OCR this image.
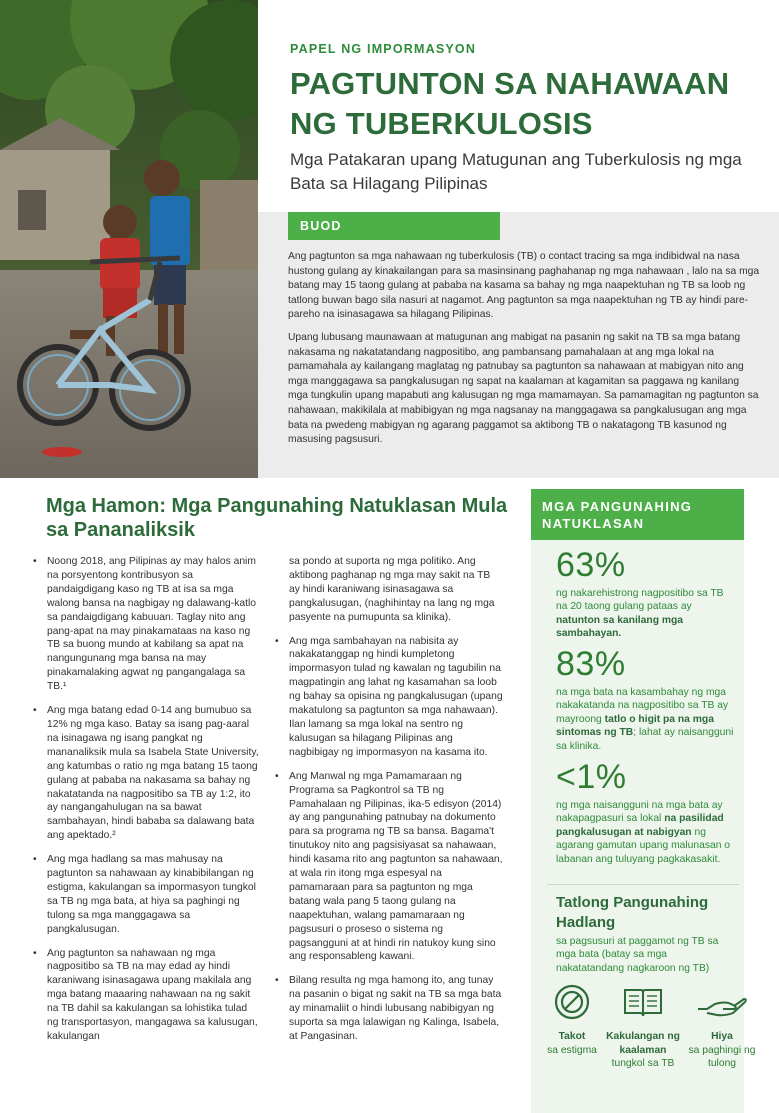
PAPEL NG IMPORMASYON
PAGTUNTON SA NAHAWAAN NG TUBERKULOSIS
Mga Patakaran upang Matugunan ang Tuberkulosis ng mga Bata sa Hilagang Pilipinas
BUOD

Ang pagtunton sa mga nahawaan ng tuberkulosis (TB) o contact tracing sa mga indibidwal na nasa hustong gulang ay kinakailangan para sa masinsinang paghahanap ng mga nahawaan , lalo na sa mga batang may 15 taong gulang at pababa na kasama sa bahay ng mga naapektuhan ng TB sa loob ng tatlong buwan bago sila nasuri at nagamot. Ang pagtunton sa mga naapektuhan ng TB ay hindi pare-pareho na isinasagawa sa hilagang Pilipinas.

Upang lubusang maunawaan at matugunan ang mabigat na pasanin ng sakit na TB sa mga batang nakasama ng nakatatandang nagpositibo, ang pambansang pamahalaan at ang mga lokal na pamamahala ay kailangang maglatag ng patnubay sa pagtunton sa nahawaan at mabigyan nito ang mga manggagawa sa pangkalusugan ng sapat na kaalaman at kagamitan sa paggawa ng kanilang mga tungkulin upang mapabuti ang kalusugan ng mga mamamayan. Sa pamamagitan ng pagtunton sa nahawaan, makikilala at mabibigyan ng mga nagsanay na manggagawa sa pangkalusugan ang mga bata na pwedeng mabigyan ng agarang paggamot sa aktibong TB o nakatagong TB kasunod ng masusing pagsusuri.

Mga Hamon: Mga Pangunahing Natuklasan Mula sa Pananaliksik
• Noong 2018, ang Pilipinas ay may halos anim na porsyentong kontribusyon sa pandaigdigang kaso ng TB at isa sa mga walong bansa na nagbigay ng dalawang-katlo sa pandaigdigang kabuuan. Taglay nito ang pang-apat na may pinakamataas na kaso ng TB sa buong mundo at kabilang sa apat na nangungunang mga bansa na may pinakamalaking agwat ng pangangalaga sa TB.¹
• Ang mga batang edad 0-14 ang bumubuo sa 12% ng mga kaso. Batay sa isang pag-aaral na isinagawa ng isang pangkat ng mananaliksik mula sa Isabela State University, ang katumbas o ratio ng mga batang 15 taong gulang at pababa na nakasama sa bahay ng nakatatanda na nagpositibo sa TB ay 1:2, ito ay nangangahulugan na sa bawat sambahayan, hindi bababa sa dalawang bata ang apektado.²
• Ang mga hadlang sa mas mahusay na pagtunton sa nahawaan ay kinabibilangan ng estigma, kakulangan sa impormasyon tungkol sa TB ng mga bata, at hiya sa paghingi ng tulong sa mga manggagawa sa pangkalusugan.
• Ang pagtunton sa nahawaan ng mga nagpositibo sa TB na may edad ay hindi karaniwang isinasagawa upang makilala ang mga batang maaaring nahawaan na ng sakit na TB dahil sa kakulangan sa lohistika tulad ng transportasyon, mangagawa sa kalusugan, kakulangan
sa pondo at suporta ng mga politiko. Ang aktibong paghanap ng mga may sakit na TB ay hindi karaniwang isinasagawa sa pangkalusugan, (naghihintay na lang ng mga pasyente na pumupunta sa klinika).
• Ang mga sambahayan na nabisita ay nakakatanggap ng hindi kumpletong impormasyon tulad ng kawalan ng tagubilin na magpatingin ang lahat ng kasamahan sa loob ng bahay sa opisina ng pangkalusugan (upang makatulong sa pagtunton sa mga nahawaan). Ilan lamang sa mga lokal na sentro ng kalusugan sa hilagang Pilipinas ang nagbibigay ng impormasyon na kasama ito.
• Ang Manwal ng mga Pamamaraan ng Programa sa Pagkontrol sa TB ng Pamahalaan ng Pilipinas, ika-5 edisyon (2014) ay ang pangunahing patnubay na dokumento para sa programa ng TB sa bansa. Bagama't tinutukoy nito ang pagsisiyasat sa nahawaan, hindi kasama rito ang pagtunton sa nahawaan, at wala rin itong mga espesyal na pamamaraan para sa pagtunton ng mga batang wala pang 5 taong gulang na naapektuhan, walang pamamaraan ng pagsusuri o proseso o sistema ng pagsangguni at at hindi rin natukoy kung sino ang responsableng kawani.
• Bilang resulta ng mga hamong ito, ang tunay na pasanin o bigat ng sakit na TB sa mga bata ay minamaliit o hindi lubusang nabibigyan ng suporta sa mga lalawigan ng Kalinga, Isabela, at Pangasinan.
MGA PANGUNAHING NATUKLASAN
63%
ng nakarehistrong nagpositibo sa TB na 20 taong gulang pataas ay natunton sa kanilang mga sambahayan.
83%
na mga bata na kasambahay ng mga nakakatanda na nagpositibo sa TB ay mayroong tatlo o higit pa na mga sintomas ng TB; lahat ay naisangguni sa klinika.
<1%
ng mga naisangguni na mga bata ay nakapagpasuri sa lokal na pasilidad pangkalusugan at nabigyan ng agarang gamutan upang malunasan o labanan ang tuluyang pagkakasakit.
Tatlong Pangunahing Hadlang
sa pagsusuri at paggamot ng TB sa mga bata (batay sa mga nakatatandang nagkaroon ng TB)
Takot
sa estigma
Kakulangan ng kaalaman
tungkol sa TB
Hiya
sa paghingi ng tulong
